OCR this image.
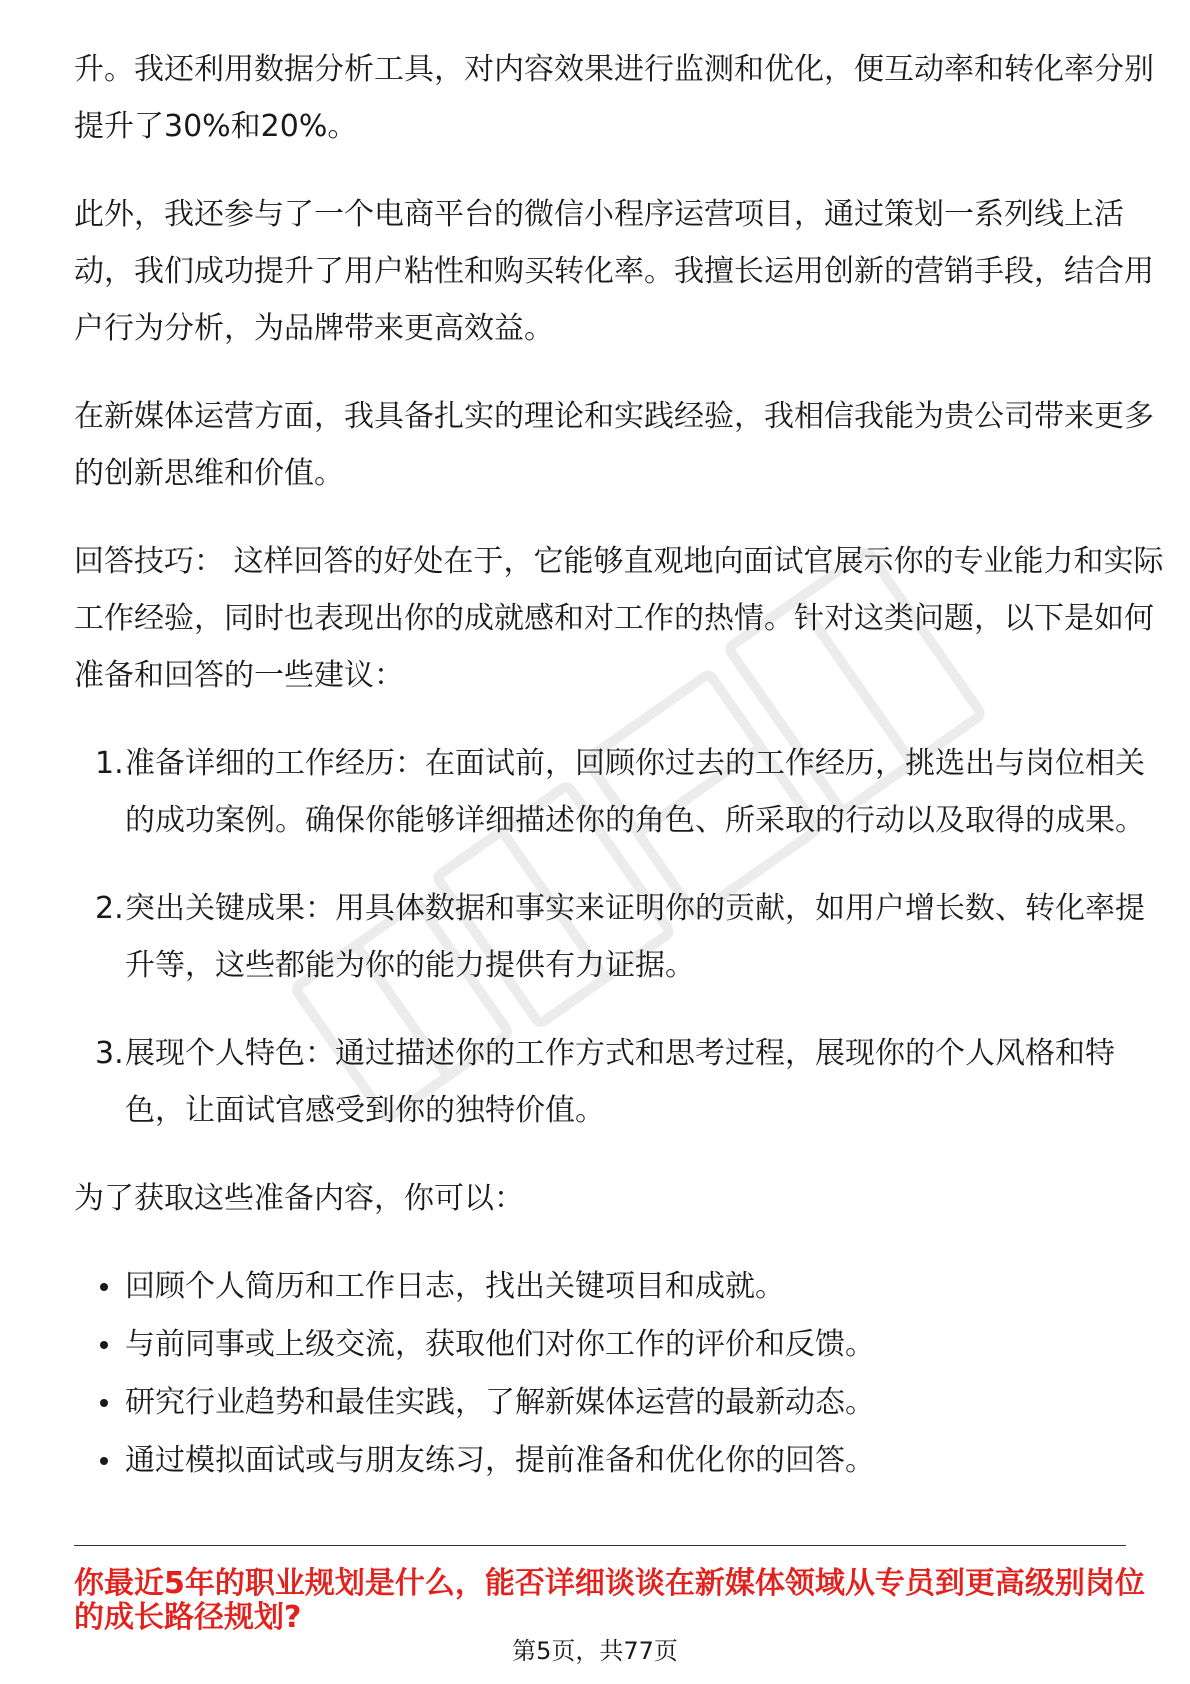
升。我还利用数据分析工具，对内容效果进行监测和优化，便互动率和转化率分别
提升了30%和20%。
此外，我还参与了一个电商平台的微信小程序运营项目，通过策划一系列线上活
动，我们成功提升了用户粘性和购买转化率。我擅长运用创新的营销手段，结合用
户行为分析，为品牌带来更高效益。
在新媒体运营方面，我具备扎实的理论和实践经验，我相信我能为贵公司带来更多
的创新思维和价值。
回答技巧： 这样回答的好处在于，它能够直观地向面试官展示你的专业能力和实际
工作经验，同时也表现出你的成就感和对工作的热情。针对这类问题，以下是如何
准备和回答的一些建议：
1. 准备详细的工作经历：在面试前，回顾你过去的工作经历，挑选出与岗位相关
的成功案例。确保你能够详细描述你的角色、所采取的行动以及取得的成果。
2. 突出关键成果：用具体数据和事实来证明你的贡献，如用户增长数、转化率提
升等，这些都能为你的能力提供有力证据。
3. 展现个人特色：通过描述你的工作方式和思考过程，展现你的个人风格和特
色，让面试官感受到你的独特价值。
为了获取这些准备内容，你可以：
回顾个人简历和工作日志，找出关键项目和成就。
与前同事或上级交流，获取他们对你工作的评价和反馈。
研究行业趋势和最佳实践，了解新媒体运营的最新动态。
通过模拟面试或与朋友练习，提前准备和优化你的回答。
你最近5年的职业规划是什么，能否详细谈谈在新媒体领域从专员到更高级别岗位
的成长路径规划?
第5页，共77页
